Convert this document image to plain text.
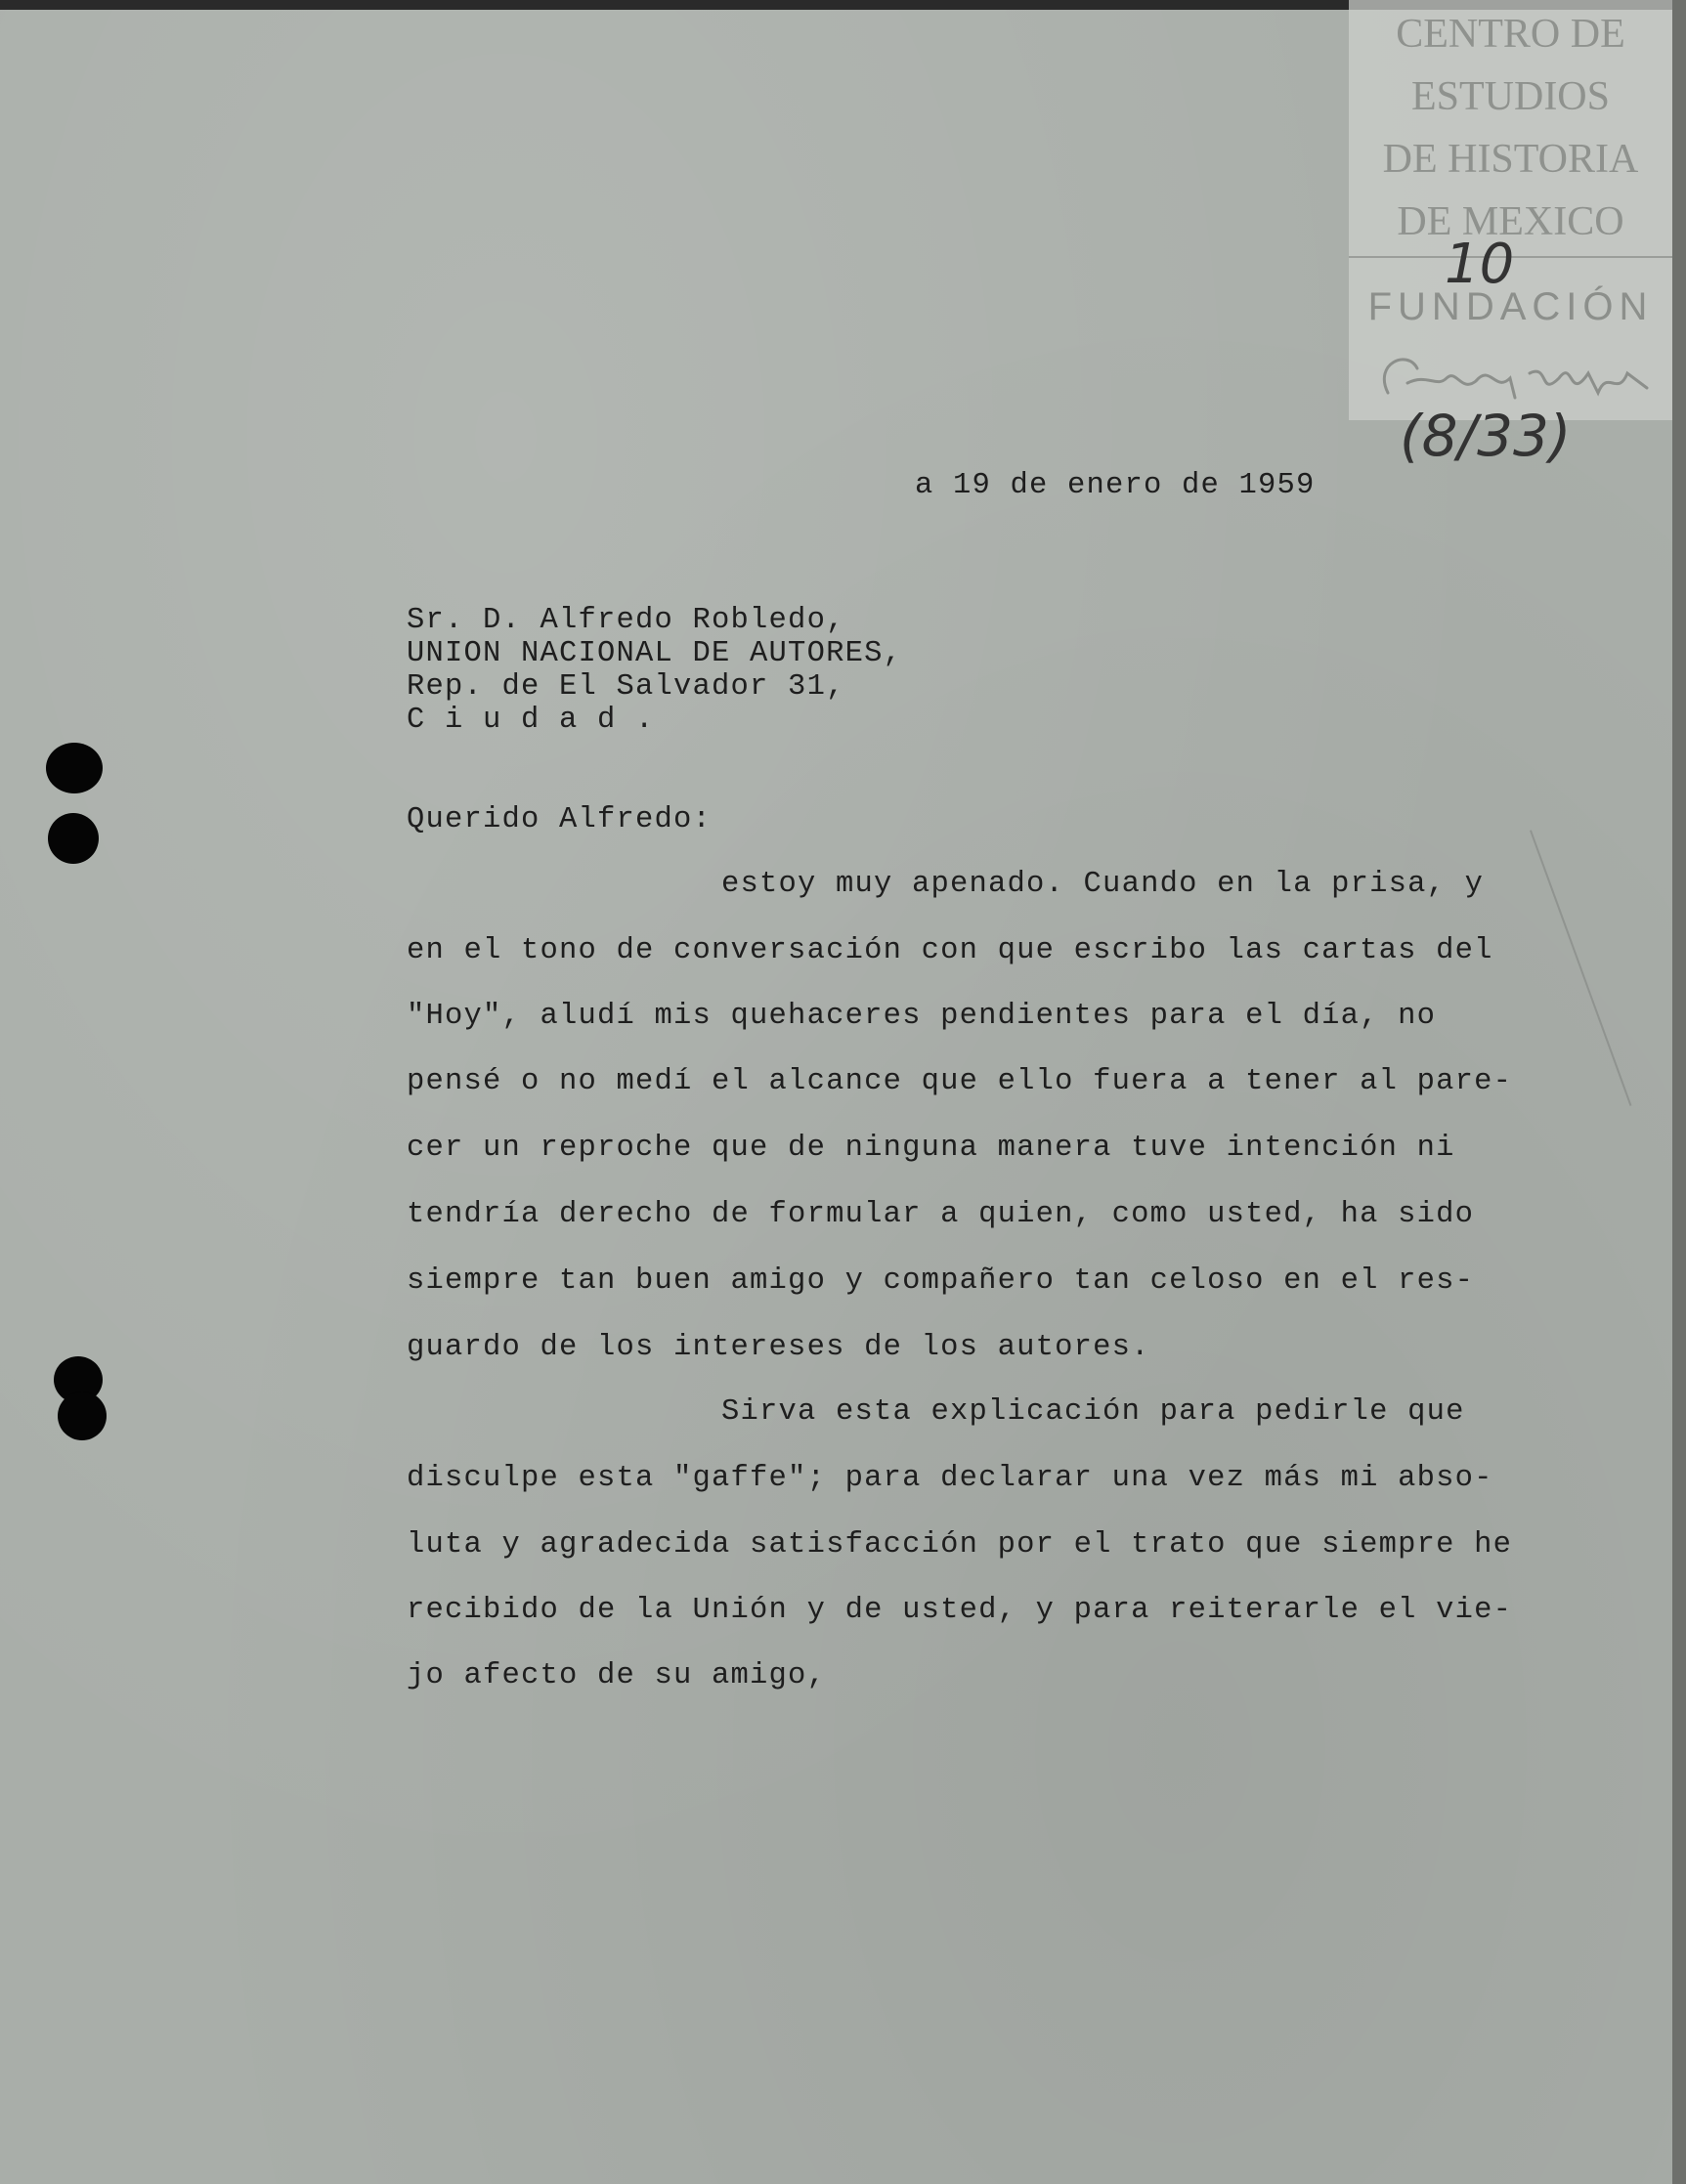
CENTRO DE
ESTUDIOS
DE HISTORIA
DE MEXICO
FUNDACIÓN
10
(8/33)
a 19 de enero de 1959
Sr. D. Alfredo Robledo,
UNION NACIONAL DE AUTORES,
Rep. de El Salvador 31,
C i u d a d .
Querido Alfredo:
estoy muy apenado. Cuando en la prisa, y
en el tono de conversación con que escribo las cartas del
"Hoy", aludí mis quehaceres pendientes para el día, no
pensé o no medí el alcance que ello fuera a tener al pare-
cer un reproche que de ninguna manera tuve intención ni
tendría derecho de formular a quien, como usted, ha sido
siempre tan buen amigo y compañero tan celoso en el res-
guardo de los intereses de los autores.
Sirva esta explicación para pedirle que
disculpe esta "gaffe"; para declarar una vez más mi abso-
luta y agradecida satisfacción por el trato que siempre he
recibido de la Unión y de usted, y para reiterarle el vie-
jo afecto de su amigo,
